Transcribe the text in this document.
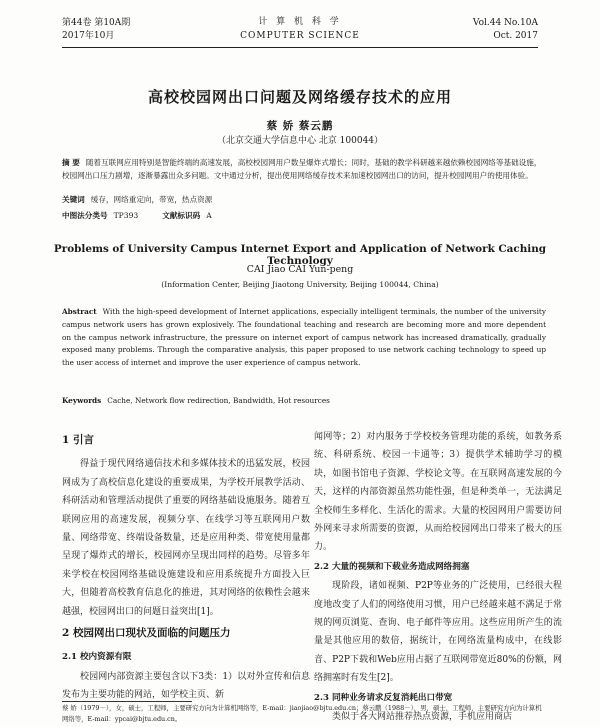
第44卷 第10A期
2017年10月
计 算 机 科 学
COMPUTER SCIENCE
Vol.44 No.10A
Oct. 2017
高校校园网出口问题及网络缓存技术的应用
蔡 娇 蔡云鹏
（北京交通大学信息中心 北京 100044）
摘 要 随着互联网应用特别是智能终端的高速发展，高校校园网用户数呈爆炸式增长；同时，基础的教学科研越来越依赖校园网络等基础设施，校园网出口压力剧增，逐渐暴露出众多问题。文中通过分析，提出使用网络缓存技术来加速校园网出口的访问，提升校园网用户的使用体验。
关键词 缓存，网络重定向，带宽，热点资源
中图法分类号 TP393	文献标识码 A
Problems of University Campus Internet Export and Application of Network Caching Technology
CAI Jiao CAI Yun-peng
(Information Center, Beijing Jiaotong University, Beijing 100044, China)
Abstract With the high-speed development of Internet applications, especially intelligent terminals, the number of the university campus network users has grown explosively. The foundational teaching and research are becoming more and more dependent on the campus network infrastructure, the pressure on internet export of campus network has increased dramatically, gradually exposed many problems. Through the comparative analysis, this paper proposed to use network caching technology to speed up the user access of internet and improve the user experience of campus network.
Keywords Cache, Network flow redirection, Bandwidth, Hot resources
1 引言

得益于现代网络通信技术和多媒体技术的迅猛发展，校园网成为了高校信息化建设的重要成果，为学校开展教学活动、科研活动和管理活动提供了重要的网络基础设施服务。随着互联网应用的高速发展，视频分享、在线学习等互联网用户数量、网络带宽、终端设备数量，还是应用种类、带宽使用量都呈现了爆炸式的增长，校园网亦呈现出同样的趋势。尽管多年来学校在校园网络基础设施建设和应用系统提升方面投入巨大，但随着高校教育信息化的推进，其对网络的依赖性会越来越强，校园网出口的问题日益突出[1]。

2 校园网出口现状及面临的问题压力
2.1 校内资源有限

校园网内部资源主要包含以下3类：1）以对外宣传和信息发布为主要功能的网站，如学校主页、新

闻网等；2）对内服务于学校校务管理功能的系统，如教务系统、科研系统、校园一卡通等；3）提供学术辅助学习的模块，如图书馆电子资源、学校论文等。在互联网高速发展的今天，这样的内部资源虽然功能性强，但是种类单一，无法满足全校师生多样化、生活化的需求。大量的校园网用户需要访问外网来寻求所需要的资源，从而给校园网出口带来了极大的压力。

2.2 大量的视频和下载业务造成网络拥塞

现阶段，诸如视频、P2P等业务的广泛使用，已经很大程度地改变了人们的网络使用习惯，用户已经越来越不满足于常规的网页浏览、查询、电子邮件等应用。这些应用所产生的流量是其他应用的数倍，据统计，在网络流量构成中，在线影音、P2P下载和Web应用占据了互联网带宽近80%的份额，网络拥塞时有发生[2]。

2.3 同种业务请求反复消耗出口带宽

类似于各大网站推荐热点资源，手机应用商店

蔡 娇（1979－），女，硕士，工程师，主要研究方向为计算机网络等，E-mail：jiaojiao@bjtu.edu.cn；蔡云鹏（1988－），男，硕士，工程师，主要研究方向为计算机网络等，E-mail：ypcai@bjtu.edu.cn。
